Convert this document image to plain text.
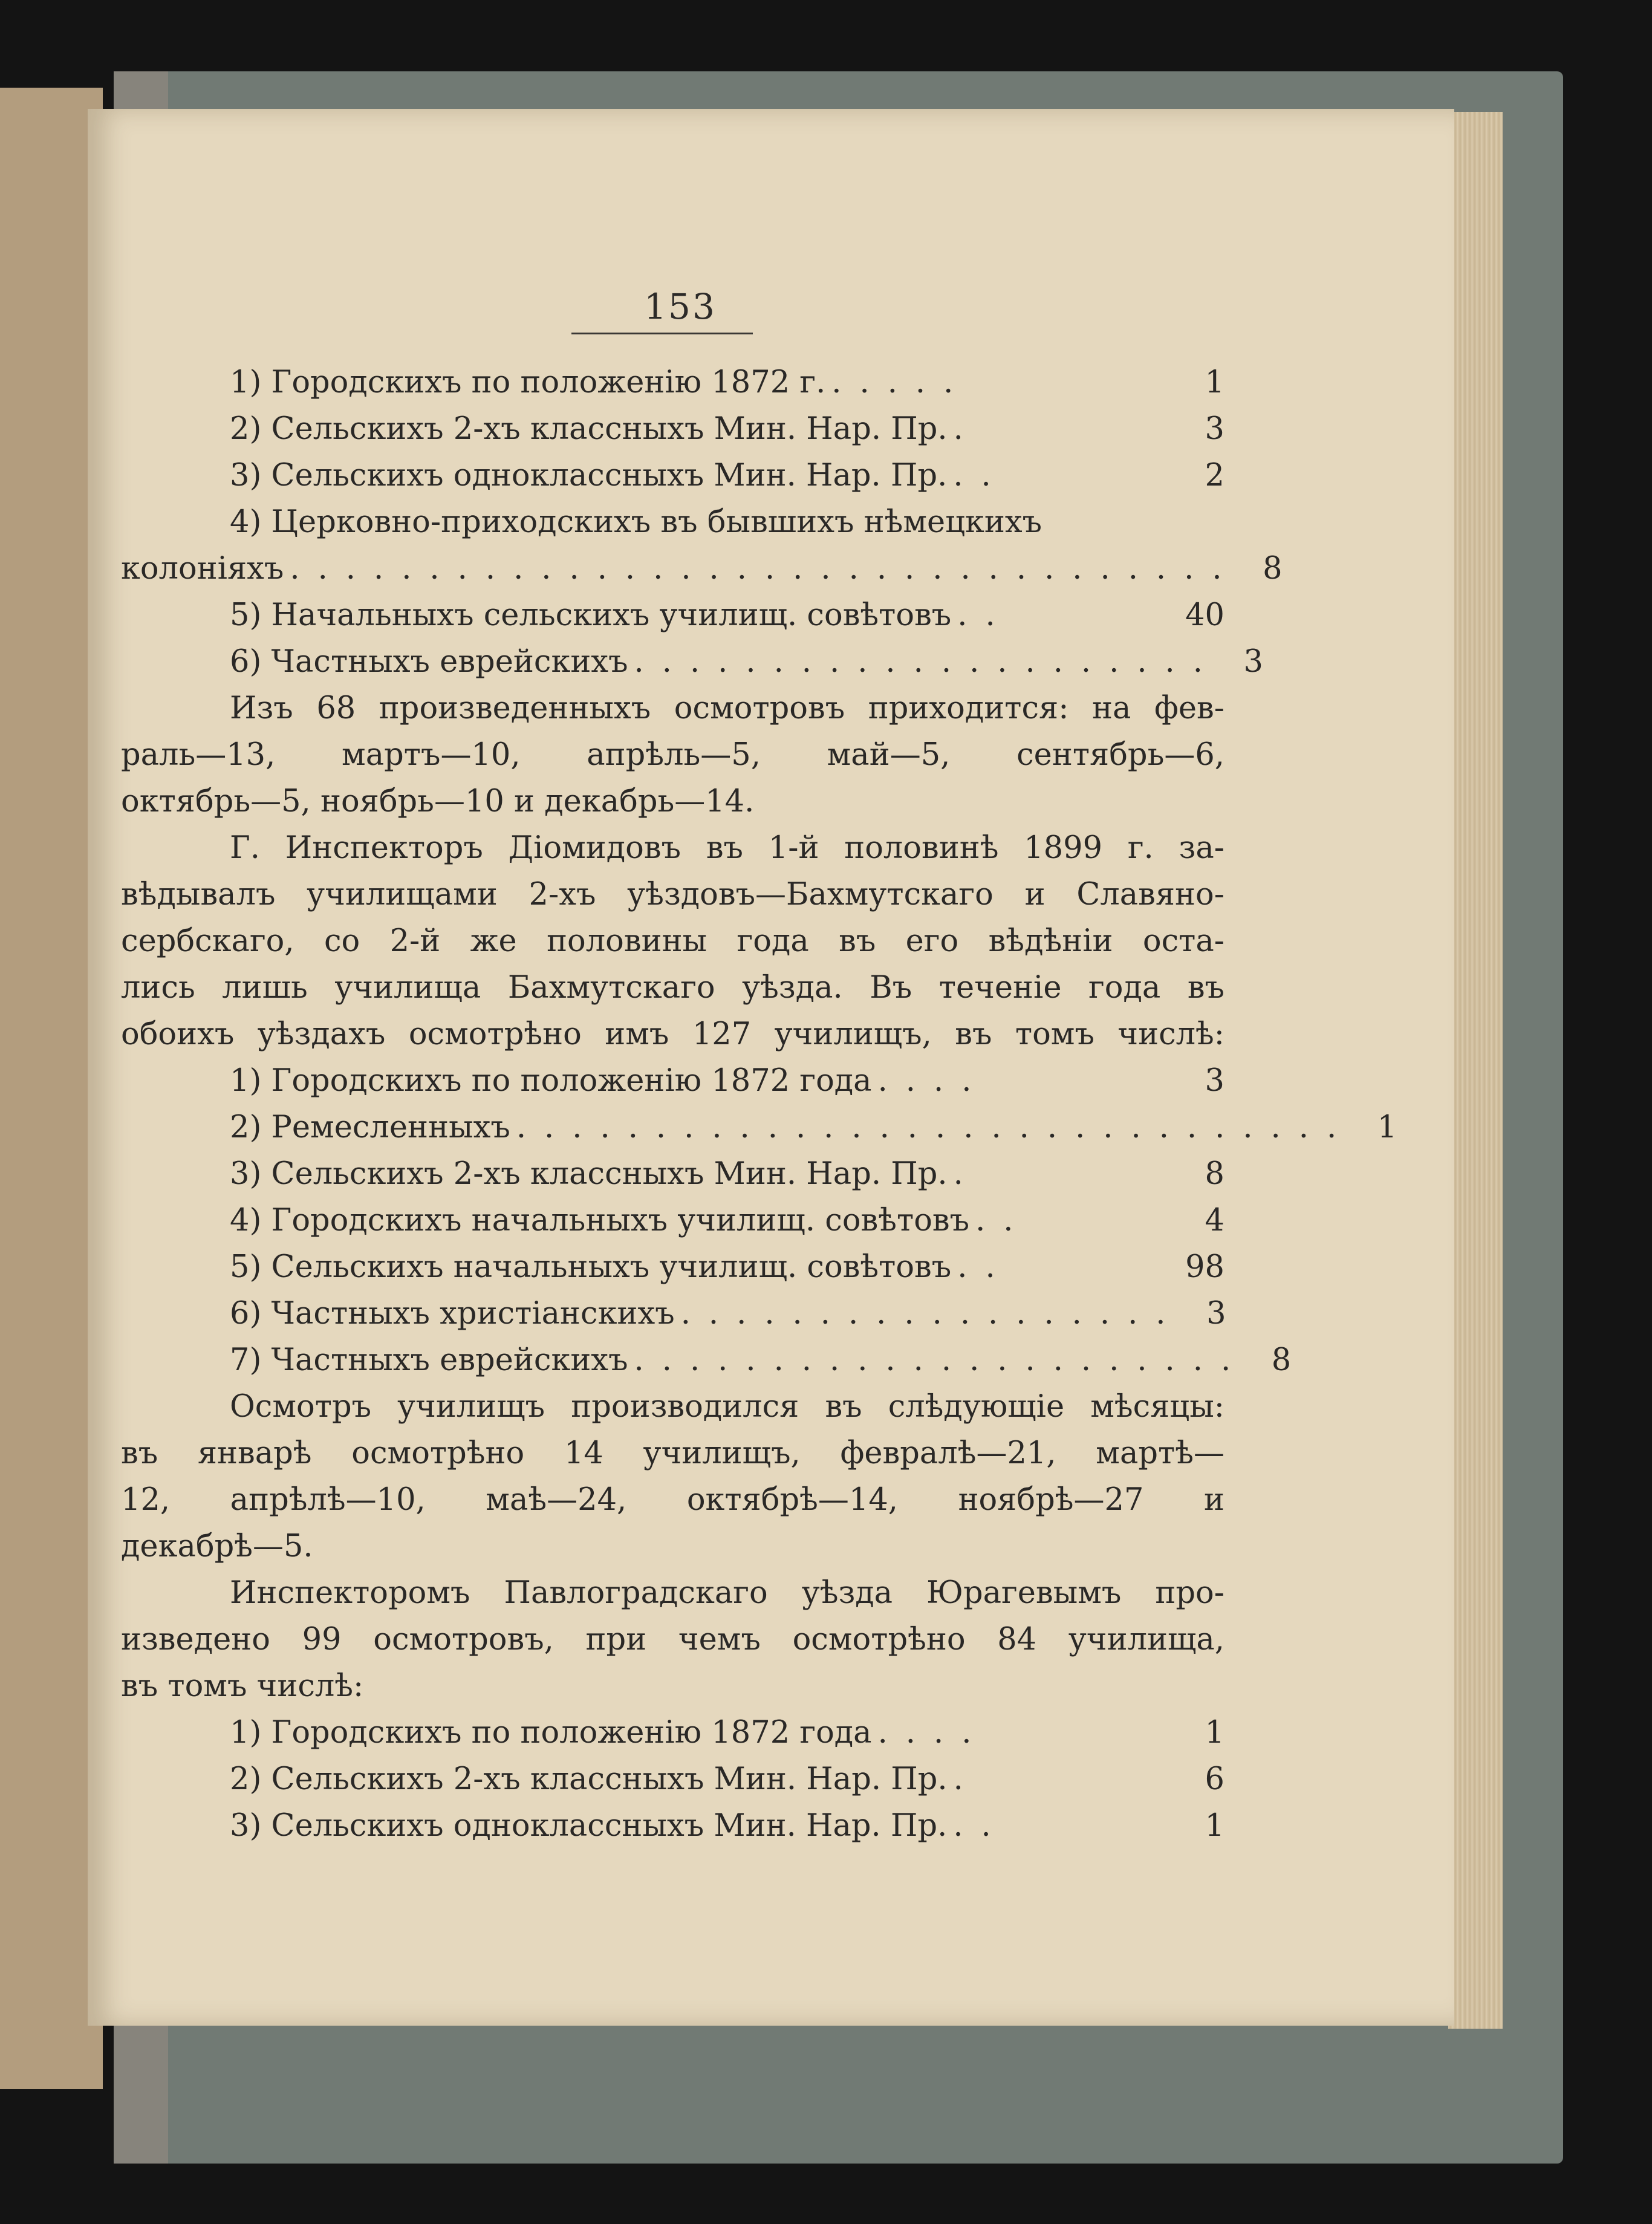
153
1) Городскихъ по положенію 1872 г. .....	1
2) Сельскихъ 2-хъ классныхъ Мин. Нар. Пр. .	3
3) Сельскихъ одноклассныхъ Мин. Нар. Пр. ..	2
4) Церковно-приходскихъ въ бывшихъ нѣмецкихъ
колоніяхъ .................................. 8
5) Начальныхъ сельскихъ училищ. совѣтовъ ..	40
6) Частныхъ еврейскихъ ..................... 3
Изъ 68 произведенныхъ осмотровъ приходится: на фев-
раль—13, мартъ—10, апрѣль—5, май—5, сентябрь—6,
октябрь—5, ноябрь—10 и декабрь—14.
Г. Инспекторъ Діомидовъ въ 1-й половинѣ 1899 г. за-
вѣдывалъ училищами 2-хъ уѣздовъ—Бахмутскаго и Славяно-
сербскаго, со 2-й же половины года въ его вѣдѣніи оста-
лись лишь училища Бахмутскаго уѣзда. Въ теченіе года въ
обоихъ уѣздахъ осмотрѣно имъ 127 училищъ, въ томъ числѣ:
1) Городскихъ по положенію 1872 года ....	3
2) Ремесленныхъ .............................. 1
3) Сельскихъ 2-хъ классныхъ Мин. Нар. Пр. .	8
4) Городскихъ начальныхъ училищ. совѣтовъ ..	4
5) Сельскихъ начальныхъ училищ. совѣтовъ ..	98
6) Частныхъ христіанскихъ .................. 3
7) Частныхъ еврейскихъ ...................... 8
Осмотръ училищъ производился въ слѣдующіе мѣсяцы:
въ январѣ осмотрѣно 14 училищъ, февралѣ—21, мартѣ—
12, апрѣлѣ—10, маѣ—24, октябрѣ—14, ноябрѣ—27 и
декабрѣ—5.
Инспекторомъ Павлоградскаго уѣзда Юрагевымъ про-
изведено 99 осмотровъ, при чемъ осмотрѣно 84 училища,
въ томъ числѣ:
1) Городскихъ по положенію 1872 года ....	1
2) Сельскихъ 2-хъ классныхъ Мин. Нар. Пр. .	6
3) Сельскихъ одноклассныхъ Мин. Нар. Пр. ..	1
